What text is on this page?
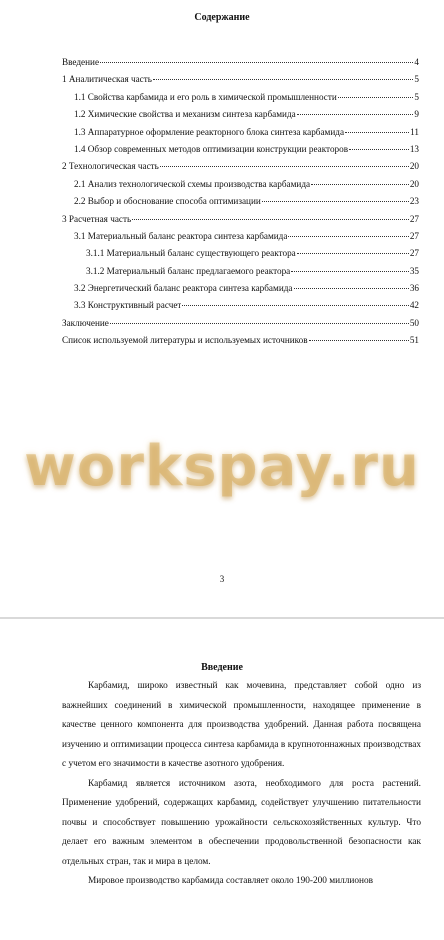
Содержание
Введение	4
1 Аналитическая часть	5
1.1 Свойства карбамида и его роль в химической промышленности	5
1.2 Химические свойства и механизм синтеза карбамида	9
1.3 Аппаратурное оформление реакторного блока синтеза карбамида	11
1.4 Обзор современных методов оптимизации конструкции реакторов	13
2 Технологическая часть	20
2.1 Анализ технологической схемы производства карбамида	20
2.2 Выбор и обоснование способа оптимизации	23
3 Расчетная часть	27
3.1 Материальный баланс реактора синтеза карбамида	27
3.1.1 Материальный баланс существующего реактора	27
3.1.2 Материальный баланс предлагаемого реактора	35
3.2 Энергетический баланс реактора синтеза карбамида	36
3.3 Конструктивный расчет	42
Заключение	50
Список используемой литературы и используемых источников	51
workspay.ru
3
Введение

Карбамид, широко известный как мочевина, представляет собой одно из важнейших соединений в химической промышленности, находящее применение в качестве ценного компонента для производства удобрений. Данная работа посвящена изучению и оптимизации процесса синтеза карбамида в крупнотоннажных производствах с учетом его значимости в качестве азотного удобрения.

Карбамид является источником азота, необходимого для роста растений. Применение удобрений, содержащих карбамид, содействует улучшению питательности почвы и способствует повышению урожайности сельскохозяйственных культур. Что делает его важным элементом в обеспечении продовольственной безопасности как отдельных стран, так и мира в целом.

Мировое производство карбамида составляет около 190-200 миллионов
